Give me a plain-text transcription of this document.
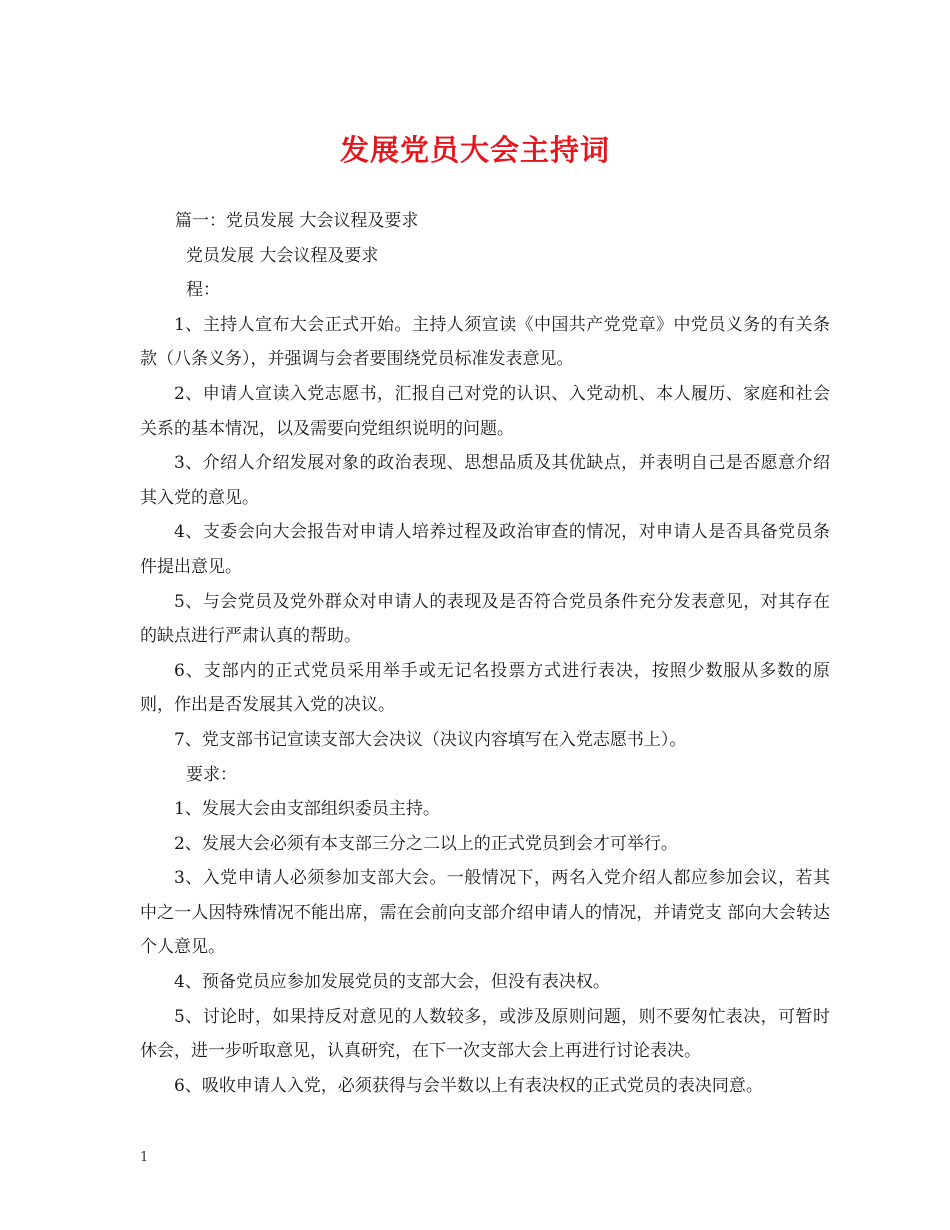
发展党员大会主持词

篇一：党员发展 大会议程及要求

党员发展 大会议程及要求

程：

1、主持人宣布大会正式开始。主持人须宣读《中国共产党党章》中党员义务的有关条款（八条义务），并强调与会者要围绕党员标准发表意见。

2、申请人宣读入党志愿书，汇报自己对党的认识、入党动机、本人履历、家庭和社会关系的基本情况，以及需要向党组织说明的问题。

3、介绍人介绍发展对象的政治表现、思想品质及其优缺点，并表明自己是否愿意介绍其入党的意见。

4、支委会向大会报告对申请人培养过程及政治审查的情况，对申请人是否具备党员条件提出意见。

5、与会党员及党外群众对申请人的表现及是否符合党员条件充分发表意见，对其存在的缺点进行严肃认真的帮助。

6、支部内的正式党员采用举手或无记名投票方式进行表决，按照少数服从多数的原则，作出是否发展其入党的决议。

7、党支部书记宣读支部大会决议（决议内容填写在入党志愿书上）。

要求：

1、发展大会由支部组织委员主持。

2、发展大会必须有本支部三分之二以上的正式党员到会才可举行。

3、入党申请人必须参加支部大会。一般情况下，两名入党介绍人都应参加会议，若其中之一人因特殊情况不能出席，需在会前向支部介绍申请人的情况，并请党支 部向大会转达个人意见。

4、预备党员应参加发展党员的支部大会，但没有表决权。

5、讨论时，如果持反对意见的人数较多，或涉及原则问题，则不要匆忙表决，可暂时休会，进一步听取意见，认真研究，在下一次支部大会上再进行讨论表决。

6、吸收申请人入党，必须获得与会半数以上有表决权的正式党员的表决同意。

1
